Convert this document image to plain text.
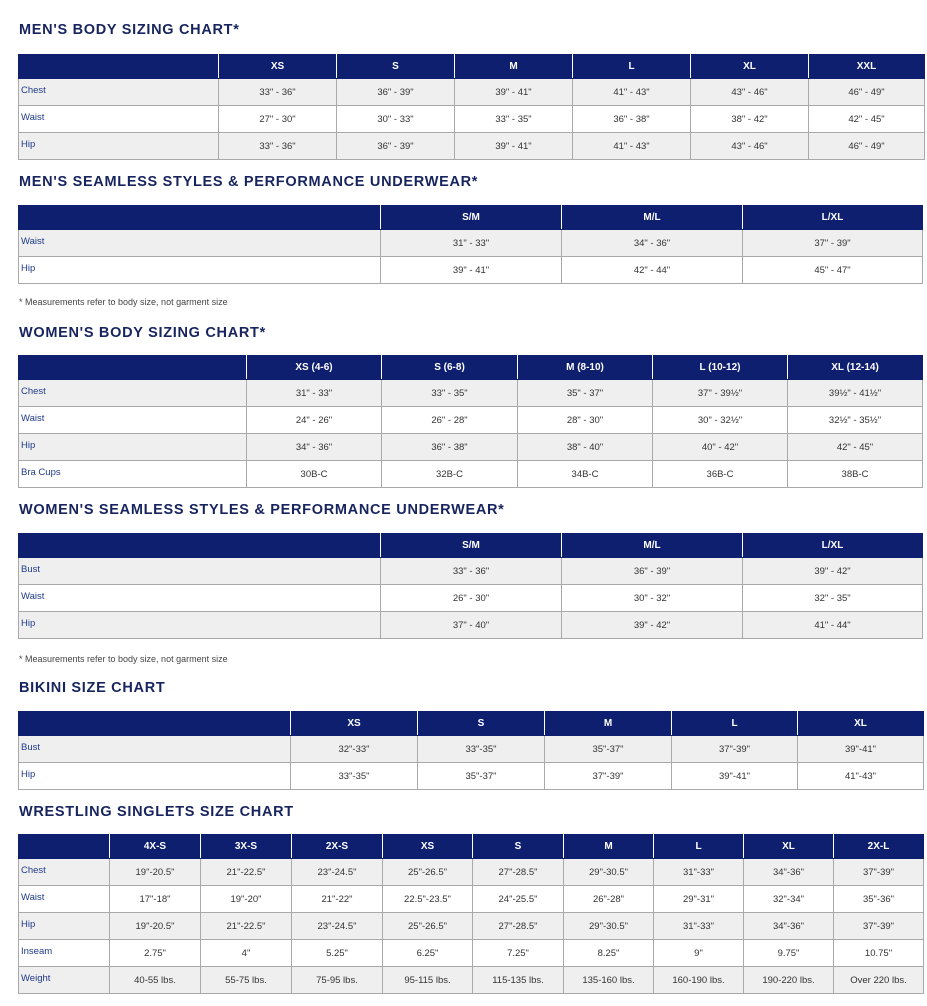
MEN'S BODY SIZING CHART*
	XS	S	M	L	XL	XXL
Chest	33" - 36"	36" - 39"	39" - 41"	41" - 43"	43" - 46"	46" - 49"
Waist	27" - 30"	30" - 33"	33" - 35"	36" - 38"	38" - 42"	42" - 45"
Hip	33" - 36"	36" - 39"	39" - 41"	41" - 43"	43" - 46"	46" - 49"
MEN'S SEAMLESS STYLES & PERFORMANCE UNDERWEAR*
	S/M	M/L	L/XL
Waist	31" - 33"	34" - 36"	37" - 39"
Hip	39" - 41"	42" - 44"	45" - 47"

* Measurements refer to body size, not garment size

WOMEN'S BODY SIZING CHART*
	XS (4-6)	S (6-8)	M (8-10)	L (10-12)	XL (12-14)
Chest	31" - 33"	33" - 35"	35" - 37"	37" - 39½"	39½" - 41½"
Waist	24" - 26"	26" - 28"	28" - 30"	30" - 32½"	32½" - 35½"
Hip	34" - 36"	36" - 38"	38" - 40"	40" - 42"	42" - 45"
Bra Cups	30B-C	32B-C	34B-C	36B-C	38B-C
WOMEN'S SEAMLESS STYLES & PERFORMANCE UNDERWEAR*
	S/M	M/L	L/XL
Bust	33" - 36"	36" - 39"	39" - 42"
Waist	26" - 30"	30" - 32"	32" - 35"
Hip	37" - 40"	39" - 42"	41" - 44"

* Measurements refer to body size, not garment size

BIKINI SIZE CHART
	XS	S	M	L	XL
Bust	32"-33"	33"-35"	35"-37"	37"-39"	39"-41"
Hip	33"-35"	35"-37"	37"-39"	39"-41"	41"-43"
WRESTLING SINGLETS SIZE CHART
	4X-S	3X-S	2X-S	XS	S	M	L	XL	2X-L
Chest	19"-20.5"	21"-22.5"	23"-24.5"	25"-26.5"	27"-28.5"	29"-30.5"	31"-33"	34"-36"	37"-39"
Waist	17"-18"	19"-20"	21"-22"	22.5"-23.5"	24"-25.5"	26"-28"	29"-31"	32"-34"	35"-36"
Hip	19"-20.5"	21"-22.5"	23"-24.5"	25"-26.5"	27"-28.5"	29"-30.5"	31"-33"	34"-36"	37"-39"
Inseam	2.75"	4"	5.25"	6.25"	7.25"	8.25"	9"	9.75"	10.75"
Weight	40-55 lbs.	55-75 lbs.	75-95 lbs.	95-115 lbs.	115-135 lbs.	135-160 lbs.	160-190 lbs.	190-220 lbs.	Over 220 lbs.
